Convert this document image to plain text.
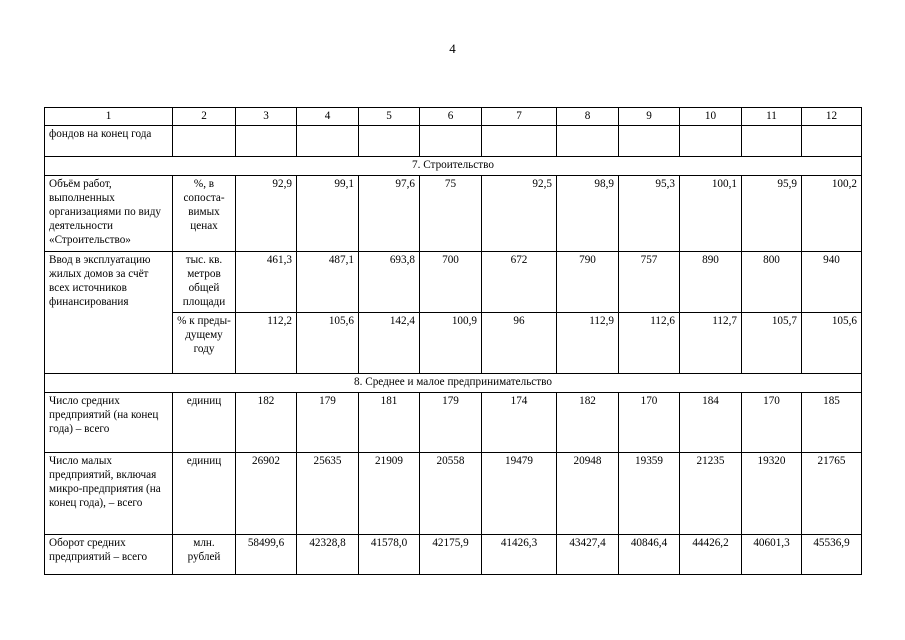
4
1	2	3	4	5	6	7	8	9	10	11	12
фондов на конец года											
7. Строительство											
Объём работ, выполненных организациями по виду деятельности «Строительство»	%, в сопоста-вимых ценах	92,9	99,1	97,6	75	92,5	98,9	95,3	100,1	95,9	100,2
Ввод в эксплуатацию жилых домов за счёт всех источников финансирования	тыс. кв. метров общей площади	461,3	487,1	693,8	700	672	790	757	890	800	940
	% к преды-дущему году	112,2	105,6	142,4	100,9	96	112,9	112,6	112,7	105,7	105,6
8. Среднее и малое предпринимательство											
Число средних предприятий (на конец года) – всего	единиц	182	179	181	179	174	182	170	184	170	185
Число малых предприятий, включая микро-предприятия (на конец года), – всего	единиц	26902	25635	21909	20558	19479	20948	19359	21235	19320	21765
Оборот средних предприятий – всего	млн. рублей	58499,6	42328,8	41578,0	42175,9	41426,3	43427,4	40846,4	44426,2	40601,3	45536,9
